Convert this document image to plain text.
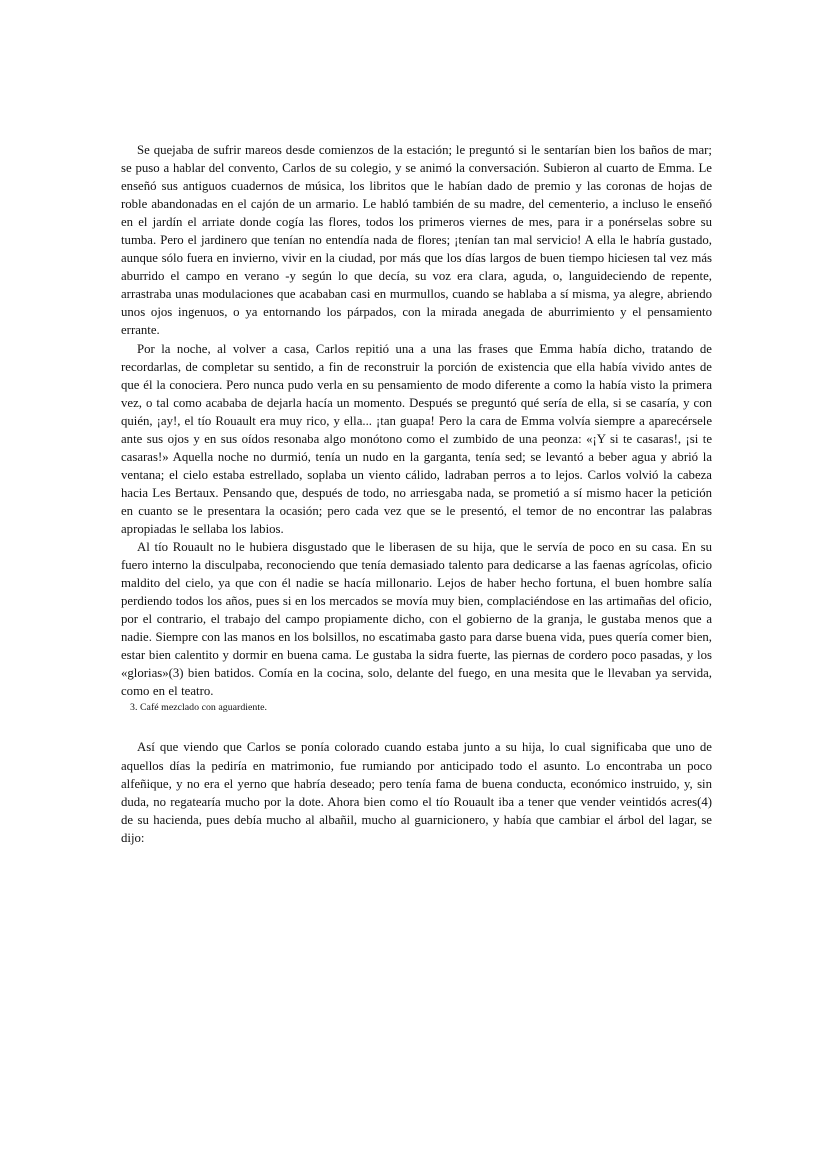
Se quejaba de sufrir mareos desde comienzos de la estación; le preguntó si le sentarían bien los baños de mar; se puso a hablar del convento, Carlos de su colegio, y se animó la conversación. Subieron al cuarto de Emma. Le enseñó sus antiguos cuadernos de música, los libritos que le habían dado de premio y las coronas de hojas de roble abandonadas en el cajón de un armario. Le habló también de su madre, del cementerio, a incluso le enseñó en el jardín el arriate donde cogía las flores, todos los primeros viernes de mes, para ir a ponérselas sobre su tumba. Pero el jardinero que tenían no entendía nada de flores; ¡tenían tan mal servicio! A ella le habría gustado, aunque sólo fuera en invierno, vivir en la ciudad, por más que los días largos de buen tiempo hiciesen tal vez más aburrido el campo en verano -y según lo que decía, su voz era clara, aguda, o, languideciendo de repente, arrastraba unas modulaciones que acababan casi en murmullos, cuando se hablaba a sí misma, ya alegre, abriendo unos ojos ingenuos, o ya entornando los párpados, con la mirada anegada de aburrimiento y el pensamiento errante.

Por la noche, al volver a casa, Carlos repitió una a una las frases que Emma había dicho, tratando de recordarlas, de completar su sentido, a fin de reconstruir la porción de existencia que ella había vivido antes de que él la conociera. Pero nunca pudo verla en su pensamiento de modo diferente a como la había visto la primera vez, o tal como acababa de dejarla hacía un momento. Después se preguntó qué sería de ella, si se casaría, y con quién, ¡ay!, el tío Rouault era muy rico, y ella... ¡tan guapa! Pero la cara de Emma volvía siempre a aparecérsele ante sus ojos y en sus oídos resonaba algo monótono como el zumbido de una peonza: «¡Y si te casaras!, ¡si te casaras!» Aquella noche no durmió, tenía un nudo en la garganta, tenía sed; se levantó a beber agua y abrió la ventana; el cielo estaba estrellado, soplaba un viento cálido, ladraban perros a to lejos. Carlos volvió la cabeza hacia Les Bertaux. Pensando que, después de todo, no arriesgaba nada, se prometió a sí mismo hacer la petición en cuanto se le presentara la ocasión; pero cada vez que se le presentó, el temor de no encontrar las palabras apropiadas le sellaba los labios.

Al tío Rouault no le hubiera disgustado que le liberasen de su hija, que le servía de poco en su casa. En su fuero interno la disculpaba, reconociendo que tenía demasiado talento para dedicarse a las faenas agrícolas, oficio maldito del cielo, ya que con él nadie se hacía millonario. Lejos de haber hecho fortuna, el buen hombre salía perdiendo todos los años, pues si en los mercados se movía muy bien, complaciéndose en las artimañas del oficio, por el contrario, el trabajo del campo propiamente dicho, con el gobierno de la granja, le gustaba menos que a nadie. Siempre con las manos en los bolsillos, no escatimaba gasto para darse buena vida, pues quería comer bien, estar bien calentito y dormir en buena cama. Le gustaba la sidra fuerte, las piernas de cordero poco pasadas, y los «glorias»(3) bien batidos. Comía en la cocina, solo, delante del fuego, en una mesita que le llevaban ya servida, como en el teatro.

3. Café mezclado con aguardiente.

Así que viendo que Carlos se ponía colorado cuando estaba junto a su hija, lo cual significaba que uno de aquellos días la pediría en matrimonio, fue rumiando por anticipado todo el asunto. Lo encontraba un poco alfeñique, y no era el yerno que habría deseado; pero tenía fama de buena conducta, económico instruido, y, sin duda, no regatearía mucho por la dote. Ahora bien como el tío Rouault iba a tener que vender veintidós acres(4) de su hacienda, pues debía mucho al albañil, mucho al guarnicionero, y había que cambiar el árbol del lagar, se dijo:
